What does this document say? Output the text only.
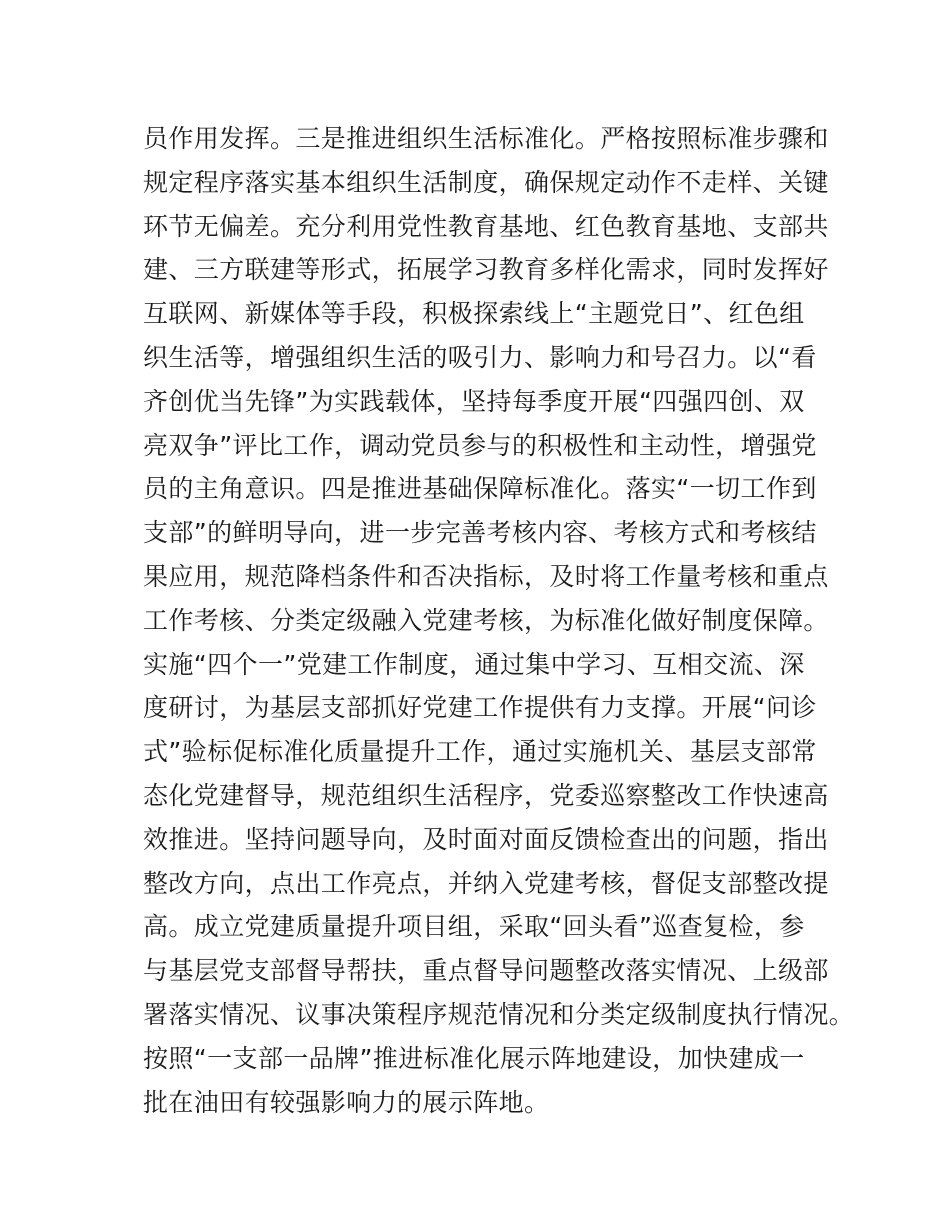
员作用发挥。三是推进组织生活标准化。严格按照标准步骤和
规定程序落实基本组织生活制度，确保规定动作不走样、关键
环节无偏差。充分利用党性教育基地、红色教育基地、支部共
建、三方联建等形式，拓展学习教育多样化需求，同时发挥好
互联网、新媒体等手段，积极探索线上“主题党日”、红色组
织生活等，增强组织生活的吸引力、影响力和号召力。以“看
齐创优当先锋”为实践载体，坚持每季度开展“四强四创、双
亮双争”评比工作，调动党员参与的积极性和主动性，增强党
员的主角意识。四是推进基础保障标准化。落实“一切工作到
支部”的鲜明导向，进一步完善考核内容、考核方式和考核结
果应用，规范降档条件和否决指标，及时将工作量考核和重点
工作考核、分类定级融入党建考核，为标准化做好制度保障。
实施“四个一”党建工作制度，通过集中学习、互相交流、深
度研讨，为基层支部抓好党建工作提供有力支撑。开展“问诊
式”验标促标准化质量提升工作，通过实施机关、基层支部常
态化党建督导，规范组织生活程序，党委巡察整改工作快速高
效推进。坚持问题导向，及时面对面反馈检查出的问题，指出
整改方向，点出工作亮点，并纳入党建考核，督促支部整改提
高。成立党建质量提升项目组，采取“回头看”巡查复检，参
与基层党支部督导帮扶，重点督导问题整改落实情况、上级部
署落实情况、议事决策程序规范情况和分类定级制度执行情况。
按照“一支部一品牌”推进标准化展示阵地建设，加快建成一
批在油田有较强影响力的展示阵地。
